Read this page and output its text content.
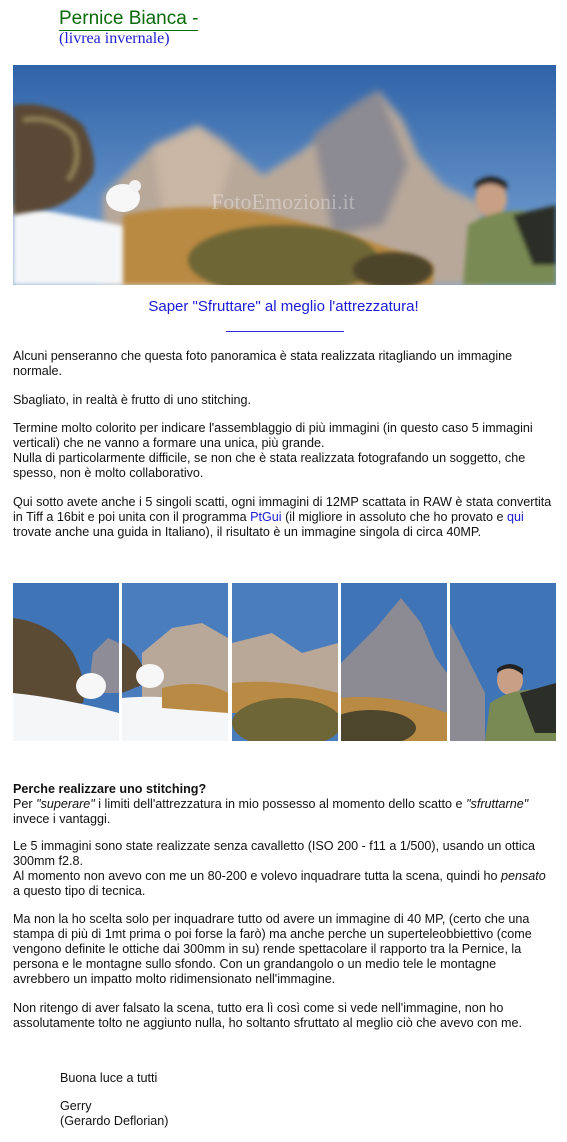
Pernice Bianca -
(livrea invernale)
FotoEmozioni.it
Saper "Sfruttare" al meglio l'attrezzatura!

Alcuni penseranno che questa foto panoramica è stata realizzata ritagliando un immagine normale.

Sbagliato, in realtà è frutto di uno stitching.

Termine molto colorito per indicare l'assemblaggio di più immagini (in questo caso 5 immagini verticali) che ne vanno a formare una unica, più grande.

Nulla di particolarmente difficile, se non che è stata realizzata fotografando un soggetto, che spesso, non è molto collaborativo.

Qui sotto avete anche i 5 singoli scatti, ogni immagini di 12MP scattata in RAW è stata convertita in Tiff a 16bit e poi unita con il programma PtGui (il migliore in assoluto che ho provato e qui trovate anche una guida in Italiano), il risultato è un immagine singola di circa 40MP.

Perche realizzare uno stitching?

Per "superare" i limiti dell'attrezzatura in mio possesso al momento dello scatto e "sfruttarne" invece i vantaggi.

Le 5 immagini sono state realizzate senza cavalletto (ISO 200 - f11 a 1/500), usando un ottica 300mm f2.8.

Al momento non avevo con me un 80-200 e volevo inquadrare tutta la scena, quindi ho pensato a questo tipo di tecnica.

Ma non la ho scelta solo per inquadrare tutto od avere un immagine di 40 MP, (certo che una stampa di più di 1mt prima o poi forse la farò) ma anche perche un superteleobbiettivo (come vengono definite le ottiche dai 300mm in su) rende spettacolare il rapporto tra la Pernice, la persona e le montagne sullo sfondo. Con un grandangolo o un medio tele le montagne avrebbero un impatto molto ridimensionato nell'immagine.

Non ritengo di aver falsato la scena, tutto era lì così come si vede nell'immagine, non ho assolutamente tolto ne aggiunto nulla, ho soltanto sfruttato al meglio ciò che avevo con me.

Buona luce a tutti
Gerry
(Gerardo Deflorian)
